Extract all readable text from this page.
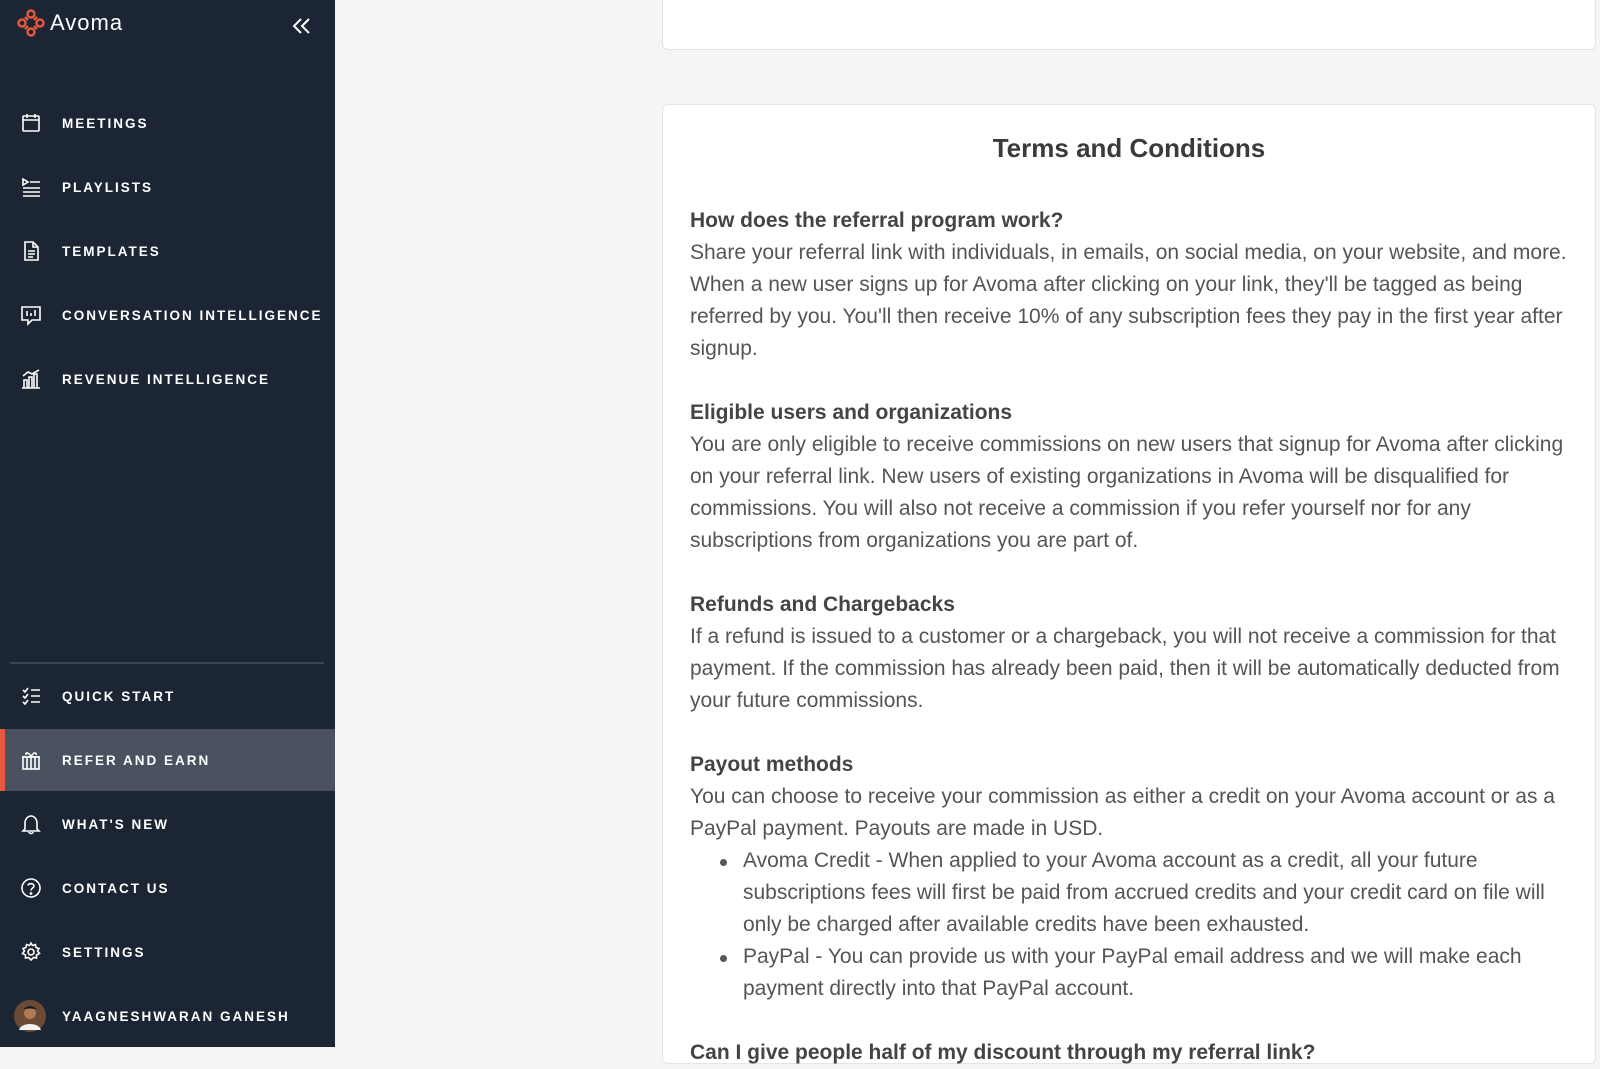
Avoma
MEETINGS
PLAYLISTS
TEMPLATES
CONVERSATION INTELLIGENCE
REVENUE INTELLIGENCE
QUICK START
REFER AND EARN
WHAT'S NEW
CONTACT US
SETTINGS
YAAGNESHWARAN GANESH
Terms and Conditions
How does the referral program work?

Share your referral link with individuals, in emails, on social media, on your website, and more. When a new user signs up for Avoma after clicking on your link, they'll be tagged as being referred by you. You'll then receive 10% of any subscription fees they pay in the first year after signup.

Eligible users and organizations

You are only eligible to receive commissions on new users that signup for Avoma after clicking on your referral link. New users of existing organizations in Avoma will be disqualified for commissions. You will also not receive a commission if you refer yourself nor for any subscriptions from organizations you are part of.

Refunds and Chargebacks

If a refund is issued to a customer or a chargeback, you will not receive a commission for that payment. If the commission has already been paid, then it will be automatically deducted from your future commissions.

Payout methods

You can choose to receive your commission as either a credit on your Avoma account or as a PayPal payment. Payouts are made in USD.

Avoma Credit - When applied to your Avoma account as a credit, all your future subscriptions fees will first be paid from accrued credits and your credit card on file will only be charged after available credits have been exhausted.
PayPal - You can provide us with your PayPal email address and we will make each payment directly into that PayPal account.
Can I give people half of my discount through my referral link?
